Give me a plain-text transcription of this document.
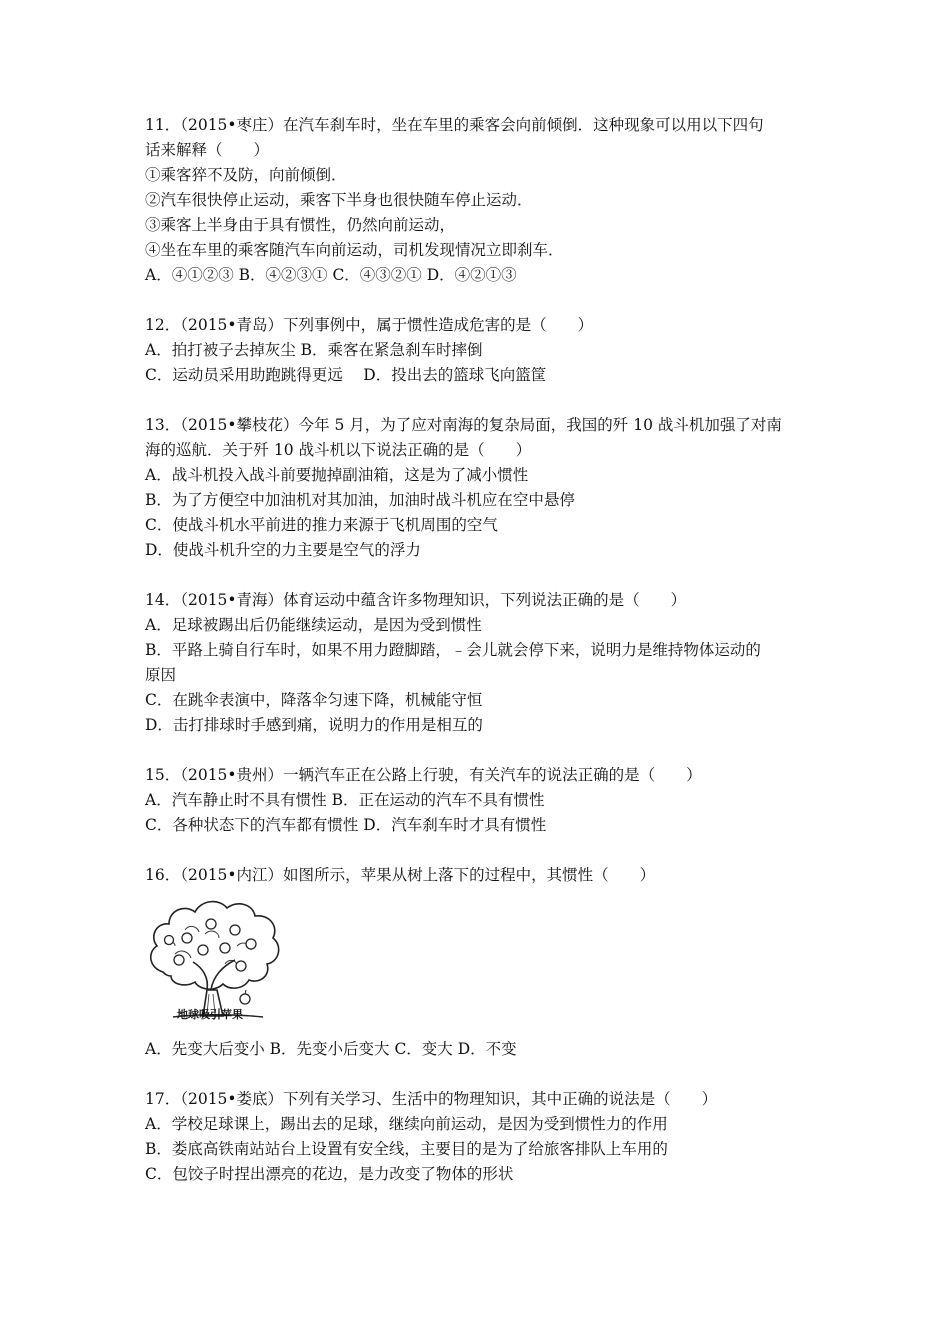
11．（2015•枣庄）在汽车刹车时，坐在车里的乘客会向前倾倒．这种现象可以用以下四句
话来解释（　　）
①乘客猝不及防，向前倾倒．
②汽车很快停止运动，乘客下半身也很快随车停止运动．
③乘客上半身由于具有惯性，仍然向前运动，
④坐在车里的乘客随汽车向前运动，司机发现情况立即刹车．
A．④①②③ B．④②③① C．④③②① D．④②①③
12．（2015•青岛）下列事例中，属于惯性造成危害的是（　　）
A．拍打被子去掉灰尘 B．乘客在紧急刹车时摔倒
C．运动员采用助跑跳得更远　 D．投出去的篮球飞向篮筐
13．（2015•攀枝花）今年 5 月，为了应对南海的复杂局面，我国的歼 10 战斗机加强了对南
海的巡航．关于歼 10 战斗机以下说法正确的是（　　）
A．战斗机投入战斗前要抛掉副油箱，这是为了减小惯性
B．为了方便空中加油机对其加油，加油时战斗机应在空中悬停
C．使战斗机水平前进的推力来源于飞机周围的空气
D．使战斗机升空的力主要是空气的浮力
14．（2015•青海）体育运动中蕴含许多物理知识，下列说法正确的是（　　）
A．足球被踢出后仍能继续运动，是因为受到惯性
B．平路上骑自行车时，如果不用力蹬脚踏，﹣会儿就会停下来，说明力是维持物体运动的
原因
C．在跳伞表演中，降落伞匀速下降，机械能守恒
D．击打排球时手感到痛，说明力的作用是相互的
15．（2015•贵州）一辆汽车正在公路上行驶，有关汽车的说法正确的是（　　）
A．汽车静止时不具有惯性 B．正在运动的汽车不具有惯性
C．各种状态下的汽车都有惯性 D．汽车刹车时才具有惯性
16．（2015•内江）如图所示，苹果从树上落下的过程中，其惯性（　　）
地球吸引苹果
A．先变大后变小 B．先变小后变大 C．变大 D．不变
17．（2015•娄底）下列有关学习、生活中的物理知识，其中正确的说法是（　　）
A．学校足球课上，踢出去的足球，继续向前运动，是因为受到惯性力的作用
B．娄底高铁南站站台上设置有安全线，主要目的是为了给旅客排队上车用的
C．包饺子时捏出漂亮的花边，是力改变了物体的形状
